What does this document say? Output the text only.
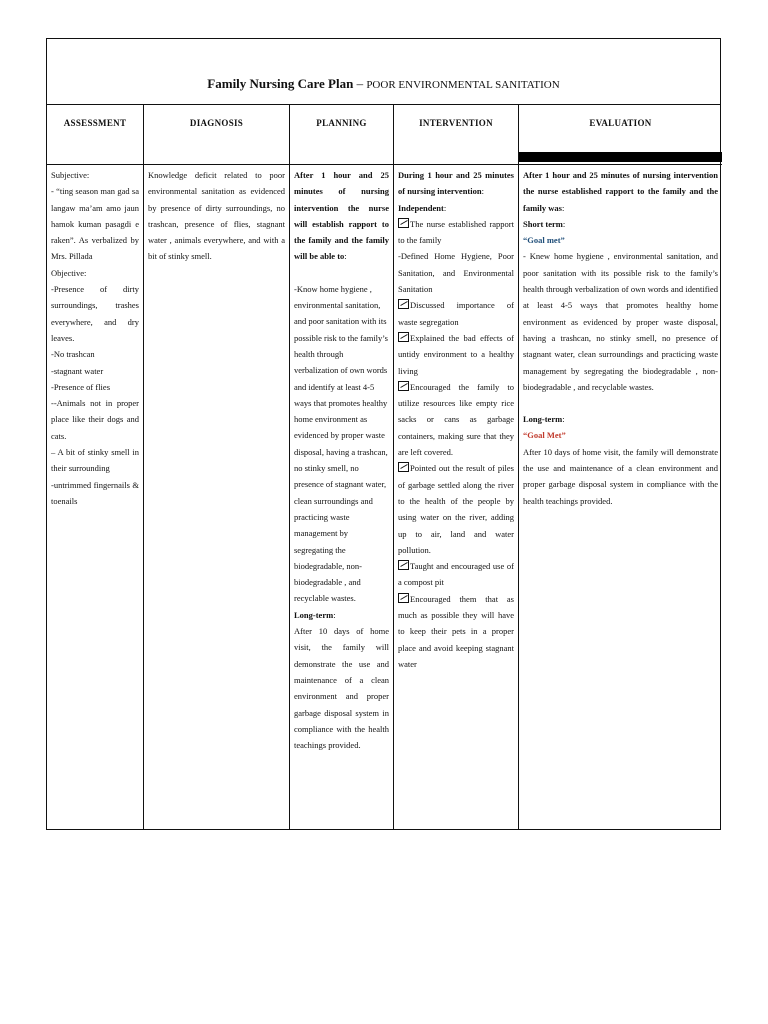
Family Nursing Care Plan – POOR ENVIRONMENTAL SANITATION
ASSESSMENT

Subjective:

- “ting season man gad sa langaw ma’am amo jaun hamok kuman pasagdi e raken”. As verbalized by Mrs. Pillada

Objective:

-Presence of dirty surroundings, trashes everywhere, and dry leaves.

-No trashcan

-stagnant water

-Presence of flies

--Animals not in proper place like their dogs and cats.

– A bit of stinky smell in their surrounding

-untrimmed fingernails & toenails

DIAGNOSIS

Knowledge deficit related to poor environmental sanitation as evidenced by presence of dirty surroundings, no trashcan, presence of flies, stagnant water , animals everywhere, and with a bit of stinky smell.

PLANNING

After 1 hour and 25 minutes of nursing intervention the nurse will establish rapport to the family and the family will be able to:

-Know home hygiene , environmental sanitation, and poor sanitation with its possible risk to the family’s health through verbalization of own words and identify at least 4-5 ways that promotes healthy home environment as evidenced by proper waste disposal, having a trashcan, no stinky smell, no presence of stagnant water, clean surroundings and practicing waste management by segregating the biodegradable, non-biodegradable , and recyclable wastes.

Long-term:

After 10 days of home visit, the family will demonstrate the use and maintenance of a clean environment and proper garbage disposal system in compliance with the health teachings provided.

INTERVENTION

During 1 hour and 25 minutes of nursing intervention:

Independent:

The nurse established rapport to the family

-Defined Home Hygiene, Poor Sanitation, and Environmental Sanitation

Discussed importance of waste segregation

Explained the bad effects of untidy environment to a healthy living

Encouraged the family to utilize resources like empty rice sacks or cans as garbage containers, making sure that they are left covered.

Pointed out the result of piles of garbage settled along the river to the health of the people by using water on the river, adding up to air, land and water pollution.

Taught and encouraged use of a compost pit

Encouraged them that as much as possible they will have to keep their pets in a proper place and avoid keeping stagnant water

EVALUATION

After 1 hour and 25 minutes of nursing intervention the nurse established rapport to the family and the family was:

Short term:

“Goal met”

- Knew home hygiene , environmental sanitation, and poor sanitation with its possible risk to the family’s health through verbalization of own words and identified at least 4-5 ways that promotes healthy home environment as evidenced by proper waste disposal, having a trashcan, no stinky smell, no presence of stagnant water, clean surroundings and practicing waste management by segregating the biodegradable , non-biodegradable , and recyclable wastes.

Long-term:

“Goal Met”

After 10 days of home visit, the family will demonstrate the use and maintenance of a clean environment and proper garbage disposal system in compliance with the health teachings provided.
